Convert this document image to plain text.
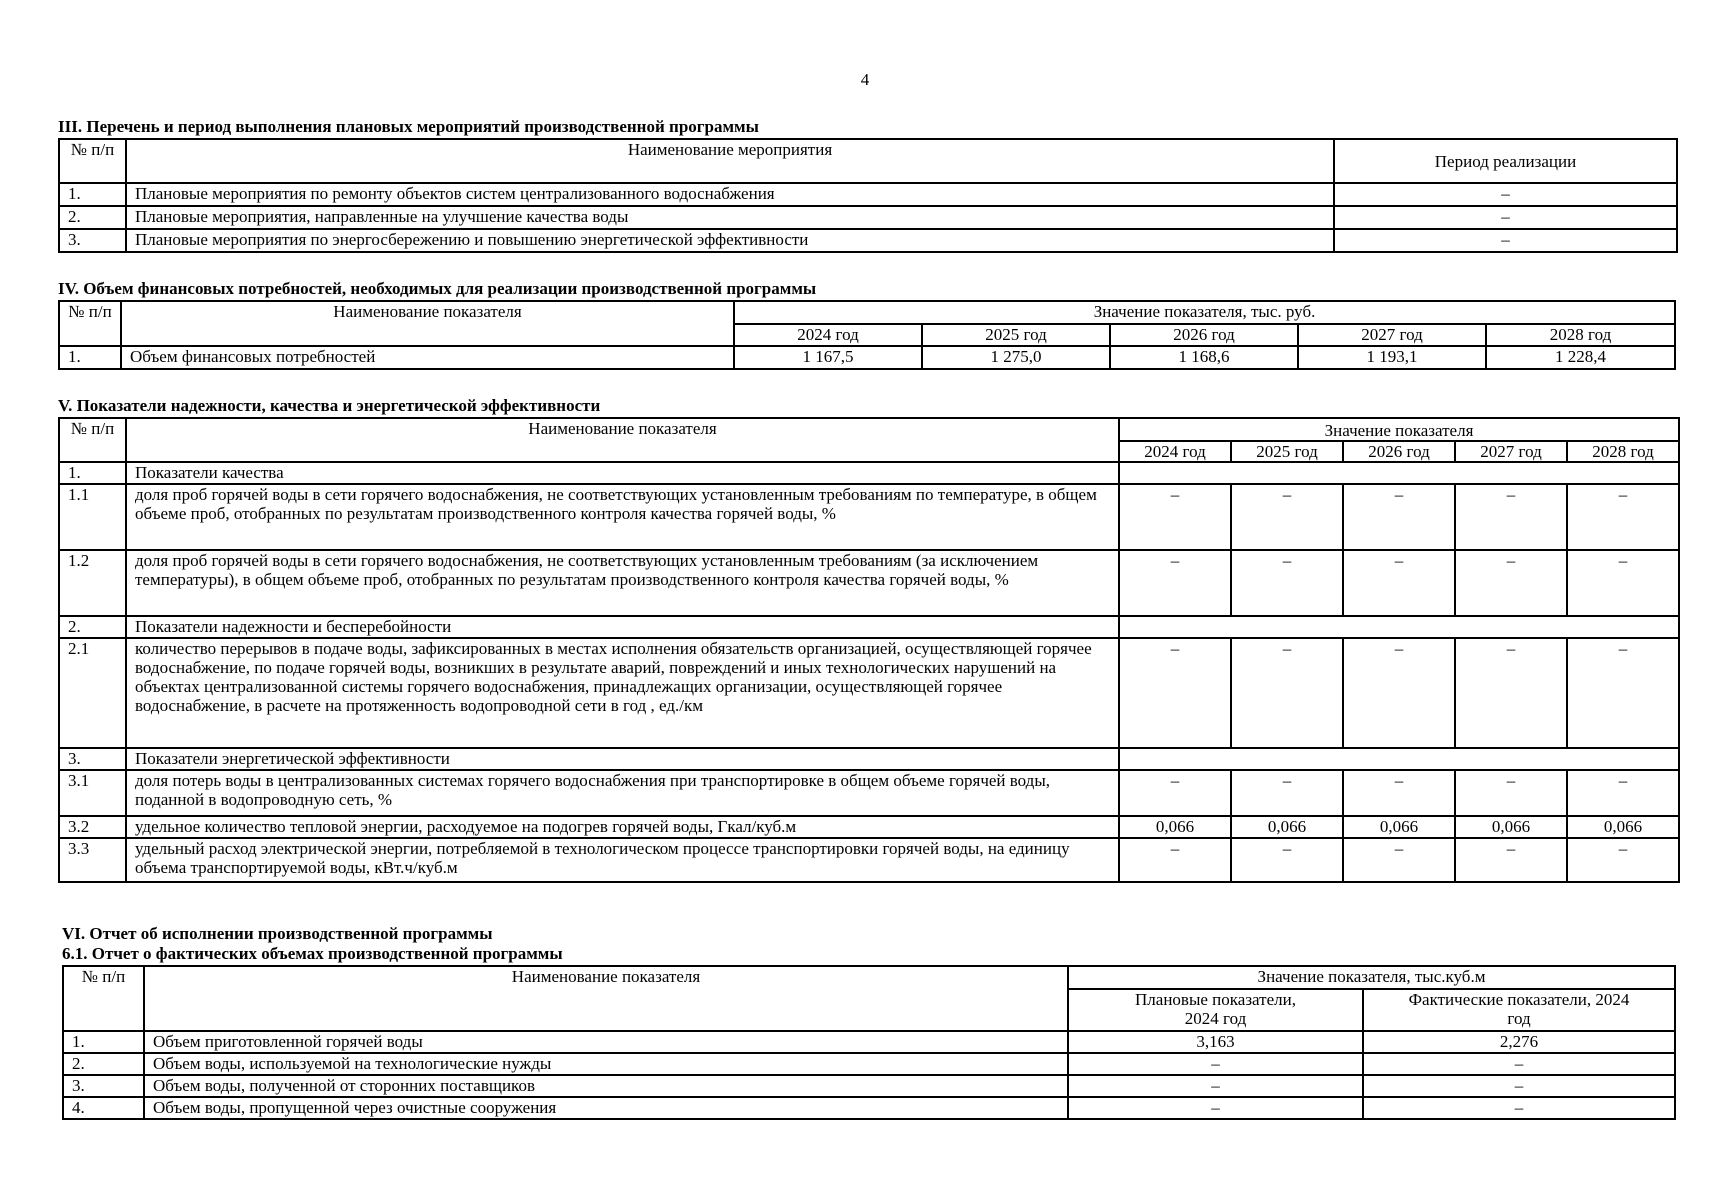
4
III. Перечень и период выполнения плановых мероприятий производственной программы
№ п/п	Наименование мероприятия	Период реализации
1.	Плановые мероприятия по ремонту объектов систем централизованного водоснабжения	–
2.	Плановые мероприятия, направленные на улучшение качества воды	–
3.	Плановые мероприятия по энергосбережению и повышению энергетической эффективности	–
IV. Объем финансовых потребностей, необходимых для реализации производственной программы
№ п/п	Наименование показателя	Значение показателя, тыс. руб.				
		2024 год	2025 год	2026 год	2027 год	2028 год
1.	Объем финансовых потребностей	1 167,5	1 275,0	1 168,6	1 193,1	1 228,4
V. Показатели надежности, качества и энергетической эффективности
№ п/п	Наименование показателя	Значение показателя				
		2024 год	2025 год	2026 год	2027 год	2028 год
1.	Показатели качества					
1.1	доля проб горячей воды в сети горячего водоснабжения, не соответствующих установленным требованиям по температуре, в общем объеме проб, отобранных по результатам производственного контроля качества горячей воды, %	–	–	–	–	–
1.2	доля проб горячей воды в сети горячего водоснабжения, не соответствующих установленным требованиям (за исключением температуры), в общем объеме проб, отобранных по результатам производственного контроля качества горячей воды, %	–	–	–	–	–
2.	Показатели надежности и бесперебойности					
2.1	количество перерывов в подаче воды, зафиксированных в местах исполнения обязательств организацией, осуществляющей горячее водоснабжение, по подаче горячей воды, возникших в результате аварий, повреждений и иных технологических нарушений на объектах централизованной системы горячего водоснабжения, принадлежащих организации, осуществляющей горячее водоснабжение, в расчете на протяженность водопроводной сети в год , ед./км	–	–	–	–	–
3.	Показатели энергетической эффективности					
3.1	доля потерь воды в централизованных системах горячего водоснабжения при транспортировке в общем объеме горячей воды, поданной в водопроводную сеть, %	–	–	–	–	–
3.2	удельное количество тепловой энергии, расходуемое на подогрев горячей воды, Гкал/куб.м	0,066	0,066	0,066	0,066	0,066
3.3	удельный расход электрической энергии, потребляемой в технологическом процессе транспортировки горячей воды, на единицу объема транспортируемой воды, кВт.ч/куб.м	–	–	–	–	–
VI. Отчет об исполнении производственной программы
6.1. Отчет о фактических объемах производственной программы
№ п/п	Наименование показателя	Значение показателя, тыс.куб.м	
		Плановые показатели, 2024 год	Фактические показатели, 2024 год
1.	Объем приготовленной горячей воды	3,163	2,276
2.	Объем воды, используемой на технологические нужды	–	–
3.	Объем воды, полученной от сторонних поставщиков	–	–
4.	Объем воды, пропущенной через очистные сооружения	–	–
